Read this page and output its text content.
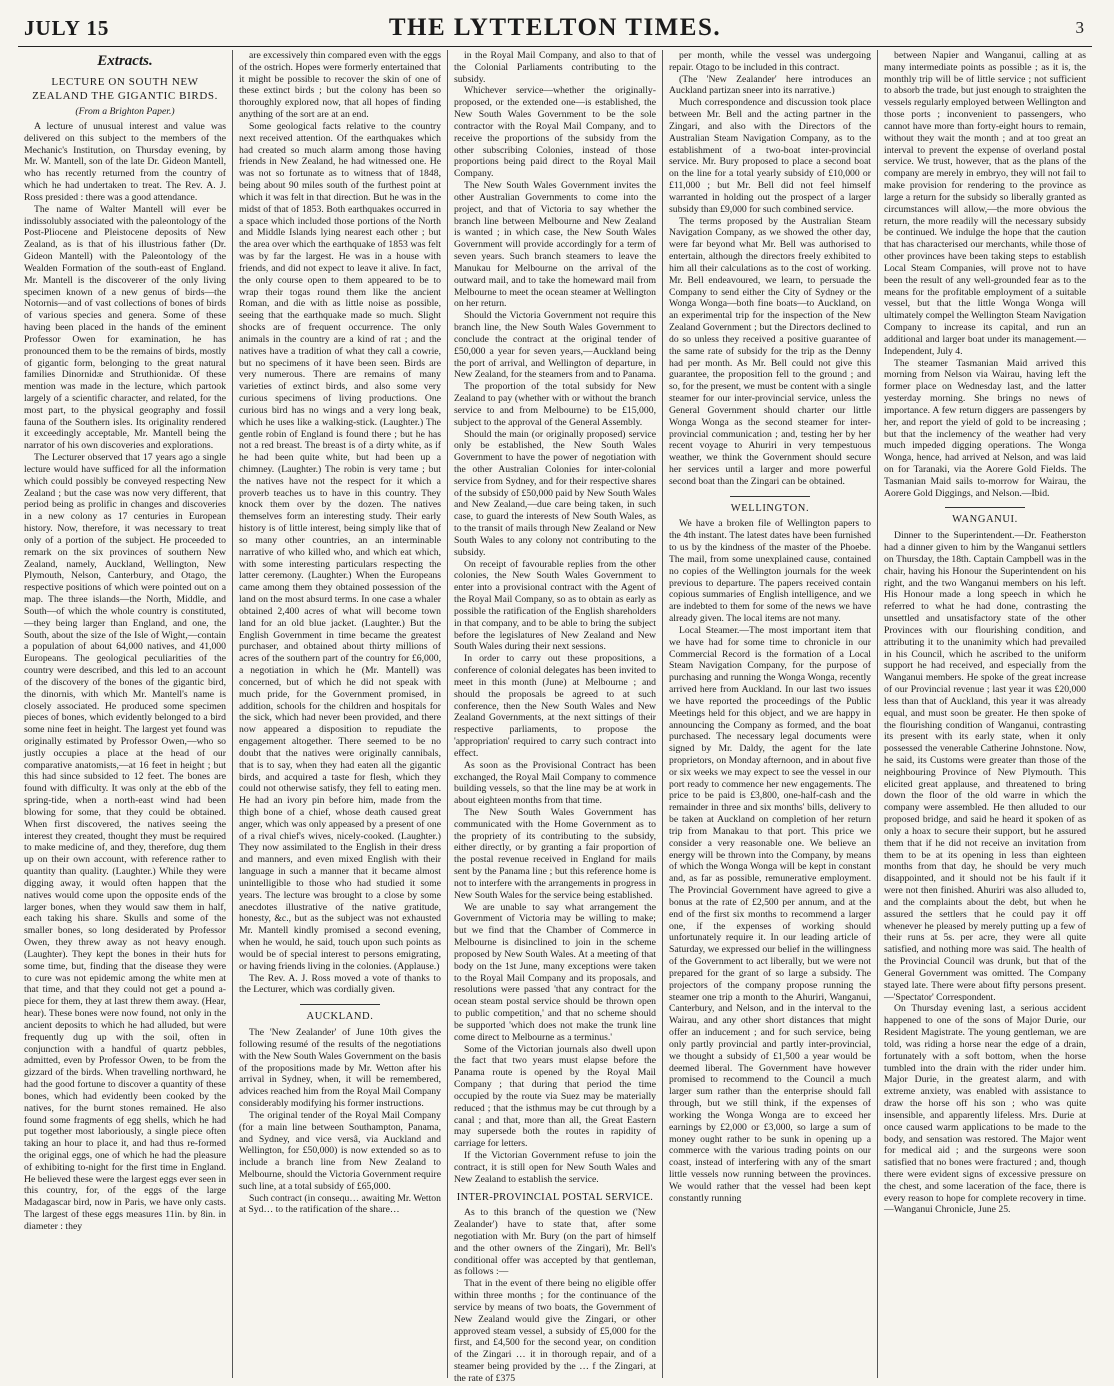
JULY 15	THE LYTTELTON TIMES.	3
Extracts.
LECTURE ON SOUTH NEW ZEALAND THE GIGANTIC BIRDS.
(From a Brighton Paper.)

A lecture of unusual interest and value was delivered on this subject to the members of the Mechanic's Institution, on Thursday evening, by Mr. W. Mantell, son of the late Dr. Gideon Mantell, who has recently returned from the country of which he had undertaken to treat. The Rev. A. J. Ross presided : there was a good attendance.

The name of Walter Mantell will ever be indissolubly associated with the paleontology of the Post-Pliocene and Pleistocene deposits of New Zealand, as is that of his illustrious father (Dr. Gideon Mantell) with the Paleontology of the Wealden Formation of the south-east of England. Mr. Mantell is the discoverer of the only living specimen known of a new genus of birds—the Notornis—and of vast collections of bones of birds of various species and genera. Some of these having been placed in the hands of the eminent Professor Owen for examination, he has pronounced them to be the remains of birds, mostly of gigantic form, belonging to the great natural families Dinornidæ and Struthionidæ. Of these mention was made in the lecture, which partook largely of a scientific character, and related, for the most part, to the physical geography and fossil fauna of the Southern isles. Its originality rendered it exceedingly acceptable, Mr. Mantell being the narrator of his own discoveries and explorations.

The Lecturer observed that 17 years ago a single lecture would have sufficed for all the information which could possibly be conveyed respecting New Zealand ; but the case was now very different, that period being as prolific in changes and discoveries in a new colony as 17 centuries in European history. Now, therefore, it was necessary to treat only of a portion of the subject. He proceeded to remark on the six provinces of southern New Zealand, namely, Auckland, Wellington, New Plymouth, Nelson, Canterbury, and Otago, the respective positions of which were pointed out on a map. The three islands—the North, Middle, and South—of which the whole country is constituted,—they being larger than England, and one, the South, about the size of the Isle of Wight,—contain a population of about 64,000 natives, and 41,000 Europeans. The geological peculiarities of the country were described, and this led to an account of the discovery of the bones of the gigantic bird, the dinornis, with which Mr. Mantell's name is closely associated. He produced some specimen pieces of bones, which evidently belonged to a bird some nine feet in height. The largest yet found was originally estimated by Professor Owen,—who so justly occupies a place at the head of our comparative anatomists,—at 16 feet in height ; but this had since subsided to 12 feet. The bones are found with difficulty. It was only at the ebb of the spring-tide, when a north-east wind had been blowing for some, that they could be obtained. When first discovered, the natives seeing the interest they created, thought they must be required to make medicine of, and they, therefore, dug them up on their own account, with reference rather to quantity than quality. (Laughter.) While they were digging away, it would often happen that the natives would come upon the opposite ends of the larger bones, when they would saw them in half, each taking his share. Skulls and some of the smaller bones, so long desiderated by Professor Owen, they threw away as not heavy enough. (Laughter). They kept the bones in their huts for some time, but, finding that the disease they were to cure was not epidemic among the white men at that time, and that they could not get a pound a-piece for them, they at last threw them away. (Hear, hear). These bones were now found, not only in the ancient deposits to which he had alluded, but were frequently dug up with the soil, often in conjunction with a handful of quartz pebbles, admitted, even by Professor Owen, to be from the gizzard of the birds. When travelling northward, he had the good fortune to discover a quantity of these bones, which had evidently been cooked by the natives, for the burnt stones remained. He also found some fragments of egg shells, which he had put together most laboriously, a single piece often taking an hour to place it, and had thus re-formed the original eggs, one of which he had the pleasure of exhibiting to-night for the first time in England. He believed these were the largest eggs ever seen in this country, for, of the eggs of the large Madagascar bird, now in Paris, we have only casts. The largest of these eggs measures 11in. by 8in. in diameter : they

are excessively thin compared even with the eggs of the ostrich. Hopes were formerly entertained that it might be possible to recover the skin of one of these extinct birds ; but the colony has been so thoroughly explored now, that all hopes of finding anything of the sort are at an end.

Some geological facts relative to the country next received attention. Of the earthquakes which had created so much alarm among those having friends in New Zealand, he had witnessed one. He was not so fortunate as to witness that of 1848, being about 90 miles south of the furthest point at which it was felt in that direction. But he was in the midst of that of 1853. Both earthquakes occurred in a space which included those portions of the North and Middle Islands lying nearest each other ; but the area over which the earthquake of 1853 was felt was by far the largest. He was in a house with friends, and did not expect to leave it alive. In fact, the only course open to them appeared to be to wrap their togas round them like the ancient Roman, and die with as little noise as possible, seeing that the earthquake made so much. Slight shocks are of frequent occurrence. The only animals in the country are a kind of rat ; and the natives have a tradition of what they call a cowrie, but no specimens of it have been seen. Birds are very numerous. There are remains of many varieties of extinct birds, and also some very curious specimens of living productions. One curious bird has no wings and a very long beak, which he uses like a walking-stick. (Laughter.) The gentle robin of England is found there ; but he has not a red breast. The breast is of a dirty white, as if he had been quite white, but had been up a chimney. (Laughter.) The robin is very tame ; but the natives have not the respect for it which a proverb teaches us to have in this country. They knock them over by the dozen. The natives themselves form an interesting study. Their early history is of little interest, being simply like that of so many other countries, an an interminable narrative of who killed who, and which eat which, with some interesting particulars respecting the latter ceremony. (Laughter.) When the Europeans came among them they obtained possession of the land on the most absurd terms. In one case a whaler obtained 2,400 acres of what will become town land for an old blue jacket. (Laughter.) But the English Government in time became the greatest purchaser, and obtained about thirty millions of acres of the southern part of the country for £6,000, a negotiation in which he (Mr. Mantell) was concerned, but of which he did not speak with much pride, for the Government promised, in addition, schools for the children and hospitals for the sick, which had never been provided, and there now appeared a disposition to repudiate the engagement altogether. There seemed to be no doubt that the natives were originally cannibals, that is to say, when they had eaten all the gigantic birds, and acquired a taste for flesh, which they could not otherwise satisfy, they fell to eating men. He had an ivory pin before him, made from the thigh bone of a chief, whose death caused great anger, which was only appeased by a present of one of a rival chief's wives, nicely-cooked. (Laughter.) They now assimilated to the English in their dress and manners, and even mixed English with their language in such a manner that it became almost unintelligible to those who had studied it some years. The lecture was brought to a close by some anecdotes illustrative of the native gratitude, honesty, &c., but as the subject was not exhausted Mr. Mantell kindly promised a second evening, when he would, he said, touch upon such points as would be of special interest to persons emigrating, or having friends living in the colonies. (Applause.)

The Rev. A. J. Ross moved a vote of thanks to the Lecturer, which was cordially given.

AUCKLAND.

The 'New Zealander' of June 10th gives the following resumé of the results of the negotiations with the New South Wales Government on the basis of the propositions made by Mr. Wetton after his arrival in Sydney, when, it will be remembered, advices reached him from the Royal Mail Company considerably modifying his former instructions.

The original tender of the Royal Mail Company (for a main line between Southampton, Panama, and Sydney, and vice versâ, via Auckland and Wellington, for £50,000) is now extended so as to include a branch line from New Zealand to Melbourne, should the Victoria Government require such line, at a total subsidy of £65,000.

Such contract (in consequ… awaiting Mr. Wetton at Syd… to the ratification of the share…

in the Royal Mail Company, and also to that of the Colonial Parliaments contributing to the subsidy.

Whichever service—whether the originally-proposed, or the extended one—is established, the New South Wales Government to be the sole contractor with the Royal Mail Company, and to receive the proportions of the subsidy from the other subscribing Colonies, instead of those proportions being paid direct to the Royal Mail Company.

The New South Wales Government invites the other Australian Governments to come into the project, and that of Victoria to say whether the branch line between Melbourne and New Zealand is wanted ; in which case, the New South Wales Government will provide accordingly for a term of seven years. Such branch steamers to leave the Manukau for Melbourne on the arrival of the outward mail, and to take the homeward mail from Melbourne to meet the ocean steamer at Wellington on her return.

Should the Victoria Government not require this branch line, the New South Wales Government to conclude the contract at the original tender of £50,000 a year for seven years,—Auckland being the port of arrival, and Wellington of departure, in New Zealand, for the steamers from and to Panama.

The proportion of the total subsidy for New Zealand to pay (whether with or without the branch service to and from Melbourne) to be £15,000, subject to the approval of the General Assembly.

Should the main (or originally proposed) service only be established, the New South Wales Government to have the power of negotiation with the other Australian Colonies for inter-colonial service from Sydney, and for their respective shares of the subsidy of £50,000 paid by New South Wales and New Zealand,—due care being taken, in such case, to guard the interests of New South Wales, as to the transit of mails through New Zealand or New South Wales to any colony not contributing to the subsidy.

On receipt of favourable replies from the other colonies, the New South Wales Government to enter into a provisional contract with the Agent of the Royal Mail Company, so as to obtain as early as possible the ratification of the English shareholders in that company, and to be able to bring the subject before the legislatures of New Zealand and New South Wales during their next sessions.

In order to carry out these propositions, a conference of colonial delegates has been invited to meet in this month (June) at Melbourne ; and should the proposals be agreed to at such conference, then the New South Wales and New Zealand Governments, at the next sittings of their respective parliaments, to propose the 'appropriation' required to carry such contract into effect.

As soon as the Provisional Contract has been exchanged, the Royal Mail Company to commence building vessels, so that the line may be at work in about eighteen months from that time.

The New South Wales Government has communicated with the Home Government as to the propriety of its contributing to the subsidy, either directly, or by granting a fair proportion of the postal revenue received in England for mails sent by the Panama line ; but this reference home is not to interfere with the arrangements in progress in New South Wales for the service being established.

We are unable to say what arrangement the Government of Victoria may be willing to make; but we find that the Chamber of Commerce in Melbourne is disinclined to join in the scheme proposed by New South Wales. At a meeting of that body on the 1st June, many exceptions were taken to the Royal Mail Company and its proposals, and resolutions were passed 'that any contract for the ocean steam postal service should be thrown open to public competition,' and that no scheme should be supported 'which does not make the trunk line come direct to Melbourne as a terminus.'

Some of the Victorian journals also dwell upon the fact that two years must elapse before the Panama route is opened by the Royal Mail Company ; that during that period the time occupied by the route via Suez may be materially reduced ; that the isthmus may be cut through by a canal ; and that, more than all, the Great Eastern may supersede both the routes in rapidity of carriage for letters.

If the Victorian Government refuse to join the contract, it is still open for New South Wales and New Zealand to establish the service.

INTER-PROVINCIAL POSTAL SERVICE.

As to this branch of the question we ('New Zealander') have to state that, after some negotiation with Mr. Bury (on the part of himself and the other owners of the Zingari), Mr. Bell's conditional offer was accepted by that gentleman, as follows :—

That in the event of there being no eligible offer within three months ; for the continuance of the service by means of two boats, the Government of New Zealand would give the Zingari, or other approved steam vessel, a subsidy of £5,000 for the first, and £4,500 for the second year, on condition of the Zingari … it in thorough repair, and of a steamer being provided by the … f the Zingari, at the rate of £375

per month, while the vessel was undergoing repair. Otago to be included in this contract.

(The 'New Zealander' here introduces an Auckland partizan sneer into its narrative.)

Much correspondence and discussion took place between Mr. Bell and the acting partner in the Zingari, and also with the Directors of the Australian Steam Navigation Company, as to the establishment of a two-boat inter-provincial service. Mr. Bury proposed to place a second boat on the line for a total yearly subsidy of £10,000 or £11,000 ; but Mr. Bell did not feel himself warranted in holding out the prospect of a larger subsidy than £9,000 for such combined service.

The terms proposed by the Australian Steam Navigation Company, as we showed the other day, were far beyond what Mr. Bell was authorised to entertain, although the directors freely exhibited to him all their calculations as to the cost of working. Mr. Bell endeavoured, we learn, to persuade the Company to send either the City of Sydney or the Wonga Wonga—both fine boats—to Auckland, on an experimental trip for the inspection of the New Zealand Government ; but the Directors declined to do so unless they received a positive guarantee of the same rate of subsidy for the trip as the Denny had per month. As Mr. Bell could not give this guarantee, the proposition fell to the ground ; and so, for the present, we must be content with a single steamer for our inter-provincial service, unless the General Government should charter our little Wonga Wonga as the second steamer for inter-provincial communication ; and, testing her by her recent voyage to Ahuriri in very tempestuous weather, we think the Government should secure her services until a larger and more powerful second boat than the Zingari can be obtained.

WELLINGTON.

We have a broken file of Wellington papers to the 4th instant. The latest dates have been furnished to us by the kindness of the master of the Phoebe. The mail, from some unexplained cause, contained no copies of the Wellington journals for the week previous to departure. The papers received contain copious summaries of English intelligence, and we are indebted to them for some of the news we have already given. The local items are not many.

Local Steamer.—The most important item that we have had for some time to chronicle in our Commercial Record is the formation of a Local Steam Navigation Company, for the purpose of purchasing and running the Wonga Wonga, recently arrived here from Auckland. In our last two issues we have reported the proceedings of the Public Meetings held for this object, and we are happy in announcing the Company as formed, and the boat purchased. The necessary legal documents were signed by Mr. Daldy, the agent for the late proprietors, on Monday afternoon, and in about five or six weeks we may expect to see the vessel in our port ready to commence her new engagements. The price to be paid is £3,800, one-half-cash and the remainder in three and six months' bills, delivery to be taken at Auckland on completion of her return trip from Manakau to that port. This price we consider a very reasonable one. We believe an energy will be thrown into the Company, by means of which the Wonga Wonga will be kept in constant and, as far as possible, remunerative employment. The Provincial Government have agreed to give a bonus at the rate of £2,500 per annum, and at the end of the first six months to recommend a larger one, if the expenses of working should unfortunately require it. In our leading article of Saturday, we expressed our belief in the willingness of the Government to act liberally, but we were not prepared for the grant of so large a subsidy. The projectors of the company propose running the steamer one trip a month to the Ahuriri, Wanganui, Canterbury, and Nelson, and in the interval to the Wairau, and any other short distances that might offer an inducement ; and for such service, being only partly provincial and partly inter-provincial, we thought a subsidy of £1,500 a year would be deemed liberal. The Government have however promised to recommend to the Council a much larger sum rather than the enterprise should fall through, but we still think, if the expenses of working the Wonga Wonga are to exceed her earnings by £2,000 or £3,000, so large a sum of money ought rather to be sunk in opening up a commerce with the various trading points on our coast, instead of interfering with any of the smart little vessels now running between the provinces. We would rather that the vessel had been kept constantly running

between Napier and Wanganui, calling at as many intermediate points as possible ; as it is, the monthly trip will be of little service ; not sufficient to absorb the trade, but just enough to straighten the vessels regularly employed between Wellington and those ports ; inconvenient to passengers, who cannot have more than forty-eight hours to remain, without they wait the month ; and at too great an interval to prevent the expense of overland postal service. We trust, however, that as the plans of the company are merely in embryo, they will not fail to make provision for rendering to the province as large a return for the subsidy so liberally granted as circumstances will allow,—the more obvious the return, the more readily will the necessary subsidy be continued. We indulge the hope that the caution that has characterised our merchants, while those of other provinces have been taking steps to establish Local Steam Companies, will prove not to have been the result of any well-grounded fear as to the means for the profitable employment of a suitable vessel, but that the little Wonga Wonga will ultimately compel the Wellington Steam Navigation Company to increase its capital, and run an additional and larger boat under its management.—Independent, July 4.

The steamer Tasmanian Maid arrived this morning from Nelson via Wairau, having left the former place on Wednesday last, and the latter yesterday morning. She brings no news of importance. A few return diggers are passengers by her, and report the yield of gold to be increasing ; but that the inclemency of the weather had very much impeded digging operations. The Wonga Wonga, hence, had arrived at Nelson, and was laid on for Taranaki, via the Aorere Gold Fields. The Tasmanian Maid sails to-morrow for Wairau, the Aorere Gold Diggings, and Nelson.—Ibid.

WANGANUI.

Dinner to the Superintendent.—Dr. Featherston had a dinner given to him by the Wanganui settlers on Thursday, the 18th. Captain Campbell was in the chair, having his Honour the Superintendent on his right, and the two Wanganui members on his left. His Honour made a long speech in which he referred to what he had done, contrasting the unsettled and unsatisfactory state of the other Provinces with our flourishing condition, and attributing it to the unanimity which had prevailed in his Council, which he ascribed to the uniform support he had received, and especially from the Wanganui members. He spoke of the great increase of our Provincial revenue ; last year it was £20,000 less than that of Auckland, this year it was already equal, and must soon be greater. He then spoke of the flourishing condition of Wanganui, contrasting its present with its early state, when it only possessed the venerable Catherine Johnstone. Now, he said, its Customs were greater than those of the neighbouring Province of New Plymouth. This elicited great applause, and threatened to bring down the floor of the old warre in which the company were assembled. He then alluded to our proposed bridge, and said he heard it spoken of as only a hoax to secure their support, but he assured them that if he did not receive an invitation from them to be at its opening in less than eighteen months from that day, he should be very much disappointed, and it should not be his fault if it were not then finished. Ahuriri was also alluded to, and the complaints about the debt, but when he assured the settlers that he could pay it off whenever he pleased by merely putting up a few of their runs at 5s. per acre, they were all quite satisfied, and nothing more was said. The health of the Provincial Council was drunk, but that of the General Government was omitted. The Company stayed late. There were about fifty persons present.—'Spectator' Correspondent.

On Thursday evening last, a serious accident happened to one of the sons of Major Durie, our Resident Magistrate. The young gentleman, we are told, was riding a horse near the edge of a drain, fortunately with a soft bottom, when the horse tumbled into the drain with the rider under him. Major Durie, in the greatest alarm, and with extreme anxiety, was enabled with assistance to draw the horse off his son ; who was quite insensible, and apparently lifeless. Mrs. Durie at once caused warm applications to be made to the body, and sensation was restored. The Major went for medical aid ; and the surgeons were soon satisfied that no bones were fractured ; and, though there were evident signs of excessive pressure on the chest, and some laceration of the face, there is every reason to hope for complete recovery in time.—Wanganui Chronicle, June 25.
